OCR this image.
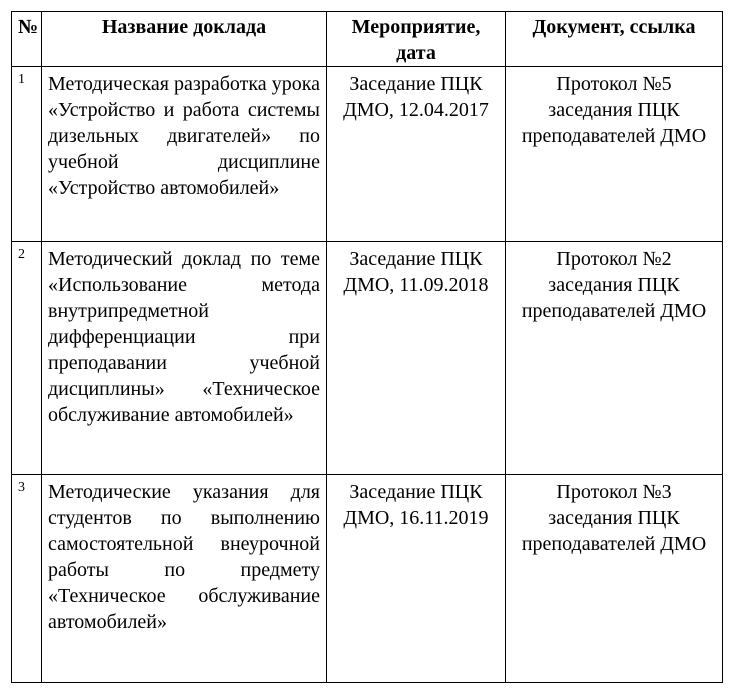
№	Название доклада	Мероприятие, дата	Документ, ссылка
1	Методическая разработка урока «Устройство и работа системы дизельных двигателей» по учебной дисциплине «Устройство автомобилей»	Заседание ПЦК ДМО, 12.04.2017	Протокол №5 заседания ПЦК преподавателей ДМО
2	Методический доклад по теме «Использование метода внутрипредметной дифференциации при преподавании учебной дисциплины» «Техническое обслуживание автомобилей»	Заседание ПЦК ДМО, 11.09.2018	Протокол №2 заседания ПЦК преподавателей ДМО
3	Методические указания для студентов по выполнению самостоятельной внеурочной работы по предмету «Техническое обслуживание автомобилей»	Заседание ПЦК ДМО, 16.11.2019	Протокол №3 заседания ПЦК преподавателей ДМО
